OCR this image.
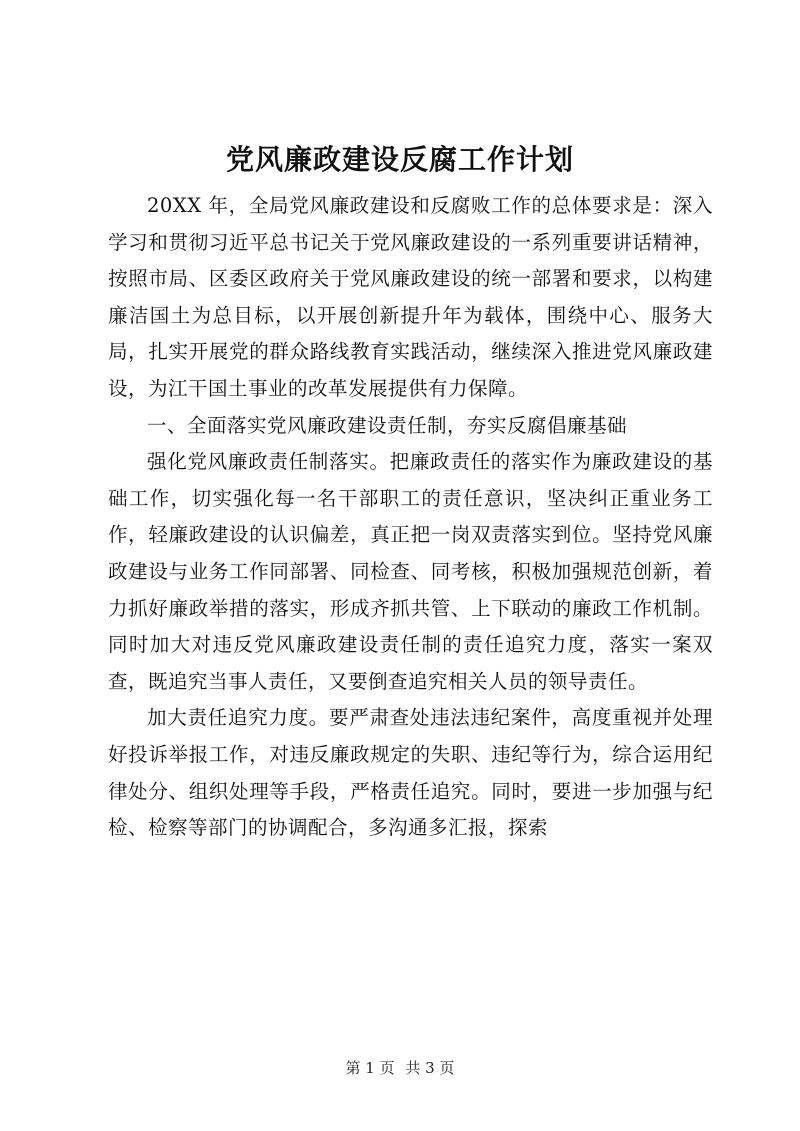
党风廉政建设反腐工作计划

20XX 年，全局党风廉政建设和反腐败工作的总体要求是：深入学习和贯彻习近平总书记关于党风廉政建设的一系列重要讲话精神，按照市局、区委区政府关于党风廉政建设的统一部署和要求，以构建廉洁国土为总目标，以开展创新提升年为载体，围绕中心、服务大局，扎实开展党的群众路线教育实践活动，继续深入推进党风廉政建设，为江干国土事业的改革发展提供有力保障。

一、全面落实党风廉政建设责任制，夯实反腐倡廉基础

强化党风廉政责任制落实。把廉政责任的落实作为廉政建设的基础工作，切实强化每一名干部职工的责任意识，坚决纠正重业务工作，轻廉政建设的认识偏差，真正把一岗双责落实到位。坚持党风廉政建设与业务工作同部署、同检查、同考核，积极加强规范创新，着力抓好廉政举措的落实，形成齐抓共管、上下联动的廉政工作机制。同时加大对违反党风廉政建设责任制的责任追究力度，落实一案双查，既追究当事人责任，又要倒查追究相关人员的领导责任。

加大责任追究力度。要严肃查处违法违纪案件，高度重视并处理好投诉举报工作，对违反廉政规定的失职、违纪等行为，综合运用纪律处分、组织处理等手段，严格责任追究。同时，要进一步加强与纪检、检察等部门的协调配合，多沟通多汇报，探索

第 1 页 共 3 页
